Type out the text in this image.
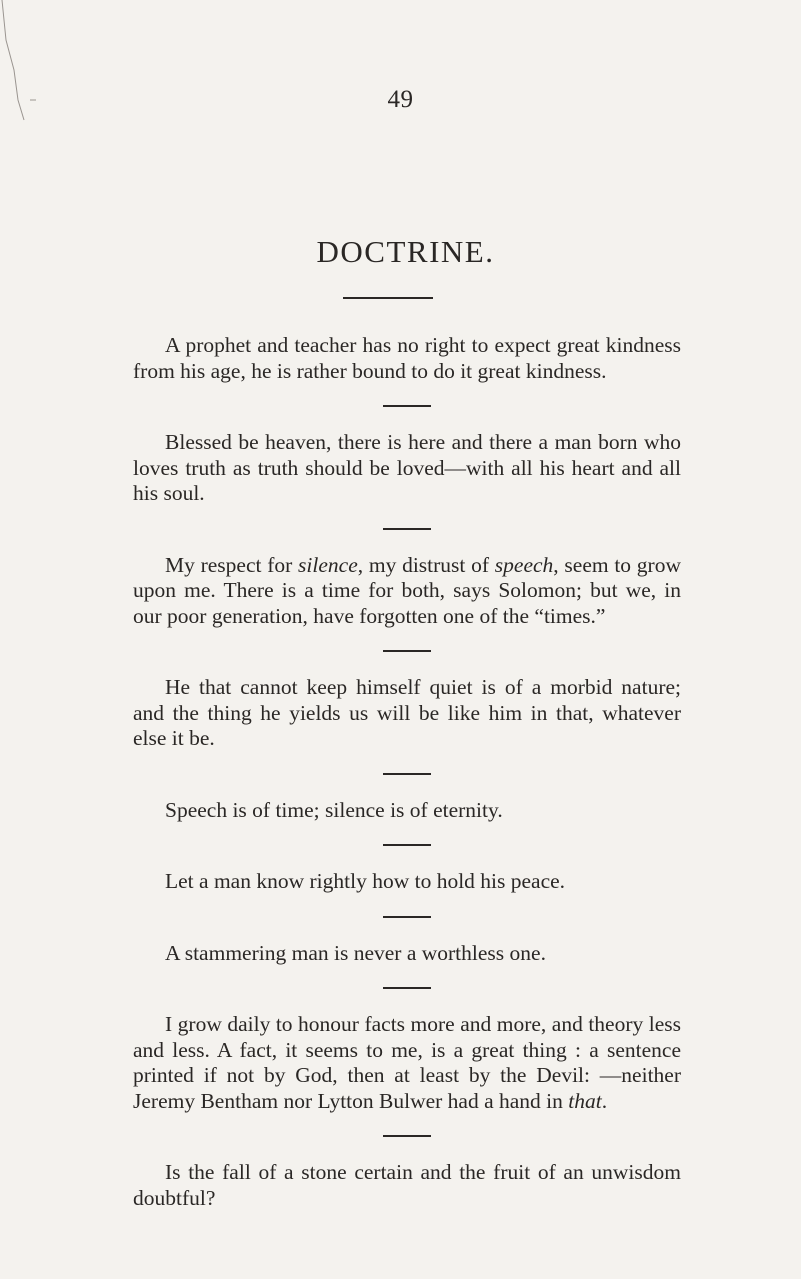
49
DOCTRINE.

A prophet and teacher has no right to expect great kindness from his age, he is rather bound to do it great kindness.

Blessed be heaven, there is here and there a man born who loves truth as truth should be loved—with all his heart and all his soul.

My respect for silence, my distrust of speech, seem to grow upon me. There is a time for both, says Solomon; but we, in our poor generation, have forgotten one of the “times.”

He that cannot keep himself quiet is of a morbid nature; and the thing he yields us will be like him in that, whatever else it be.

Speech is of time; silence is of eternity.

Let a man know rightly how to hold his peace.

A stammering man is never a worthless one.

I grow daily to honour facts more and more, and theory less and less. A fact, it seems to me, is a great thing : a sentence printed if not by God, then at least by the Devil: —neither Jeremy Bentham nor Lytton Bulwer had a hand in that.

Is the fall of a stone certain and the fruit of an unwisdom doubtful?
